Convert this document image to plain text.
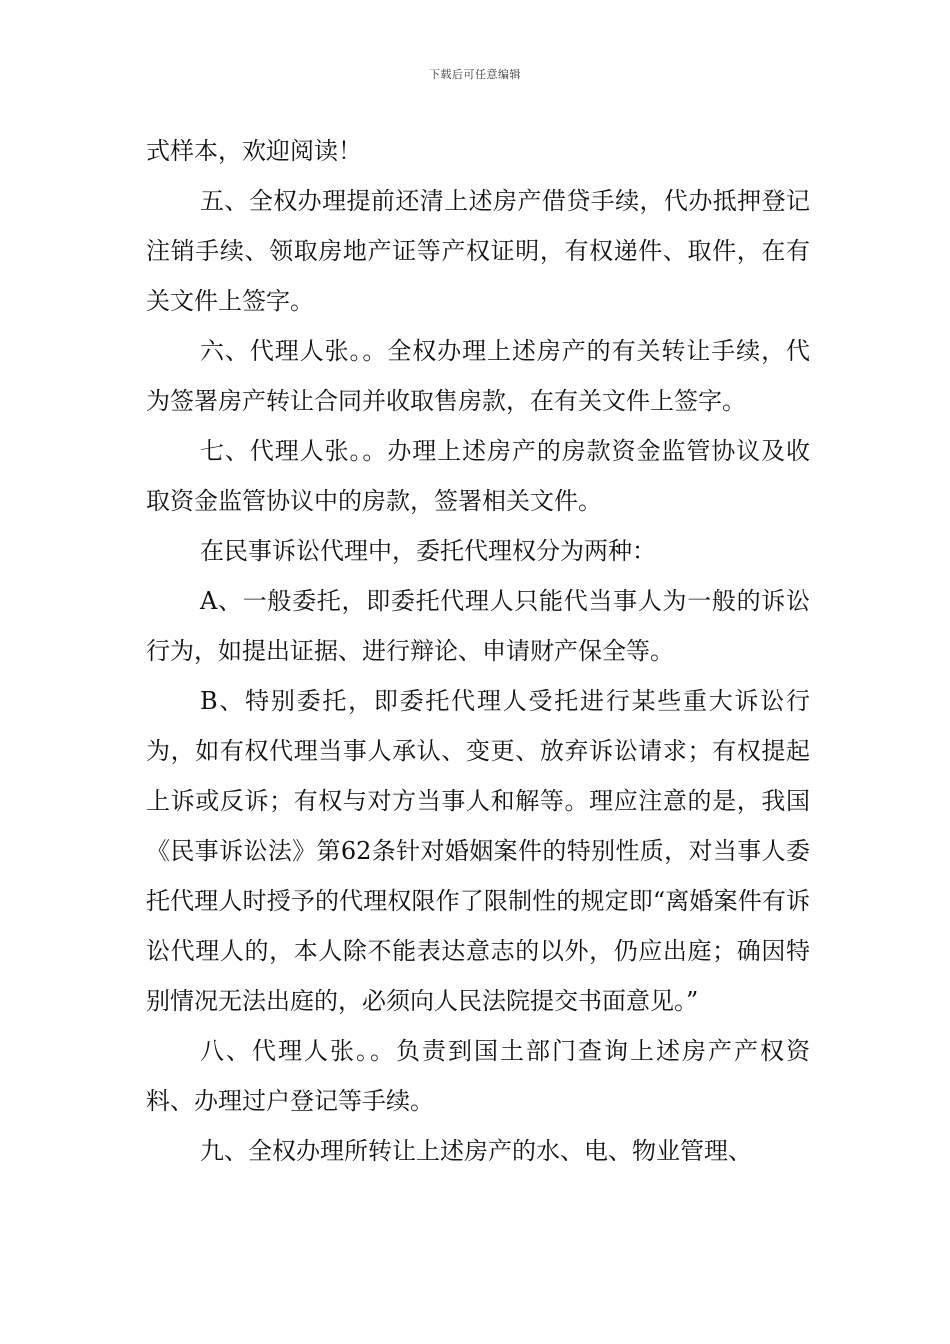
下载后可任意编辑

式样本，欢迎阅读！

五、全权办理提前还清上述房产借贷手续，代办抵押登记注销手续、领取房地产证等产权证明，有权递件、取件，在有关文件上签字。

六、代理人张。。全权办理上述房产的有关转让手续，代为签署房产转让合同并收取售房款，在有关文件上签字。

七、代理人张。。办理上述房产的房款资金监管协议及收取资金监管协议中的房款，签署相关文件。

在民事诉讼代理中，委托代理权分为两种：

A、一般委托，即委托代理人只能代当事人为一般的诉讼行为，如提出证据、进行辩论、申请财产保全等。

B、特别委托，即委托代理人受托进行某些重大诉讼行为，如有权代理当事人承认、变更、放弃诉讼请求；有权提起上诉或反诉；有权与对方当事人和解等。理应注意的是，我国《民事诉讼法》第62条针对婚姻案件的特别性质，对当事人委托代理人时授予的代理权限作了限制性的规定即“离婚案件有诉讼代理人的，本人除不能表达意志的以外，仍应出庭；确因特别情况无法出庭的，必须向人民法院提交书面意见。”

八、代理人张。。负责到国土部门查询上述房产产权资料、办理过户登记等手续。

九、全权办理所转让上述房产的水、电、物业管理、
